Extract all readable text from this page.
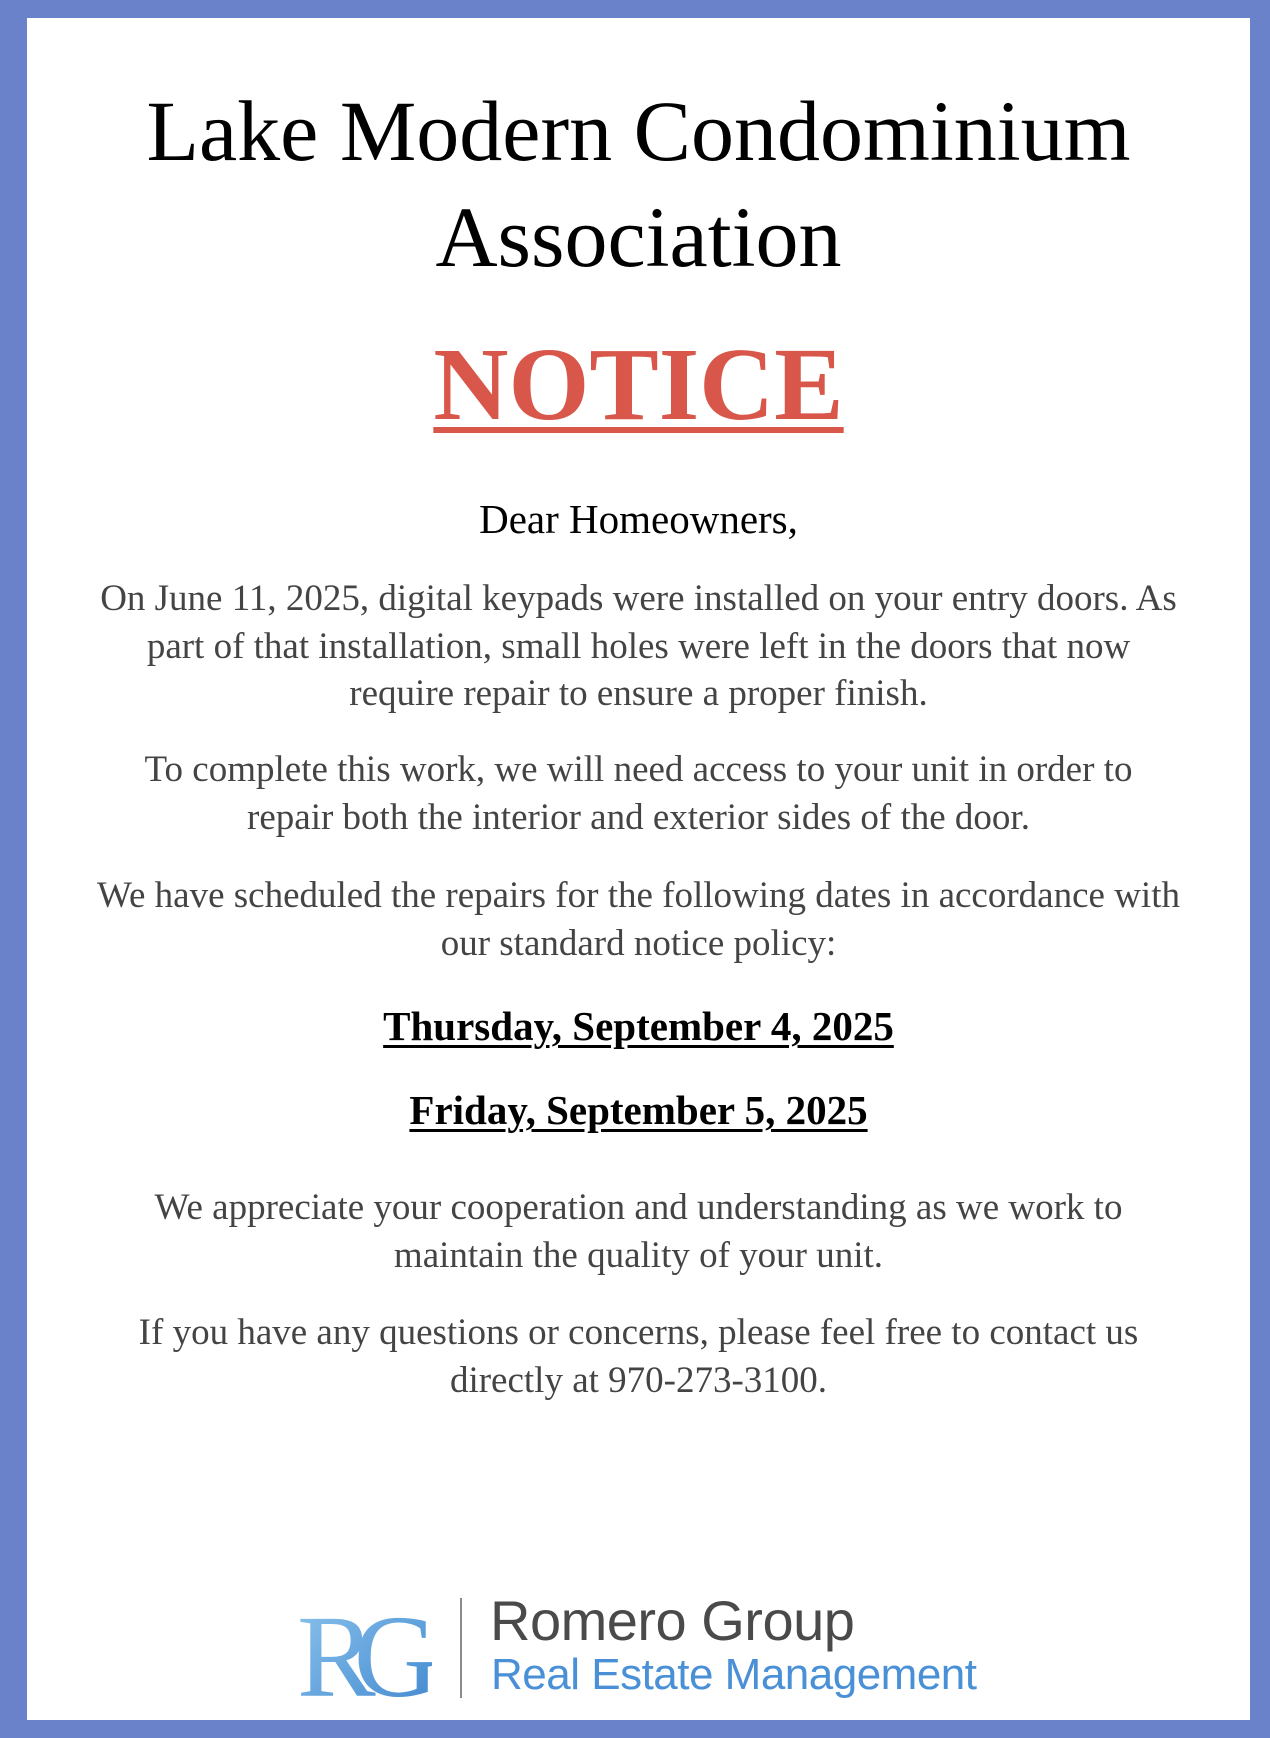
Lake Modern Condominium Association
NOTICE

Dear Homeowners,

On June 11, 2025, digital keypads were installed on your entry doors. As part of that installation, small holes were left in the doors that now require repair to ensure a proper finish.

To complete this work, we will need access to your unit in order to repair both the interior and exterior sides of the door.

We have scheduled the repairs for the following dates in accordance with our standard notice policy:

Thursday, September 4, 2025

Friday, September 5, 2025

We appreciate your cooperation and understanding as we work to maintain the quality of your unit.

If you have any questions or concerns, please feel free to contact us directly at 970-273-3100.

RG	Romero Group
Real Estate Management
